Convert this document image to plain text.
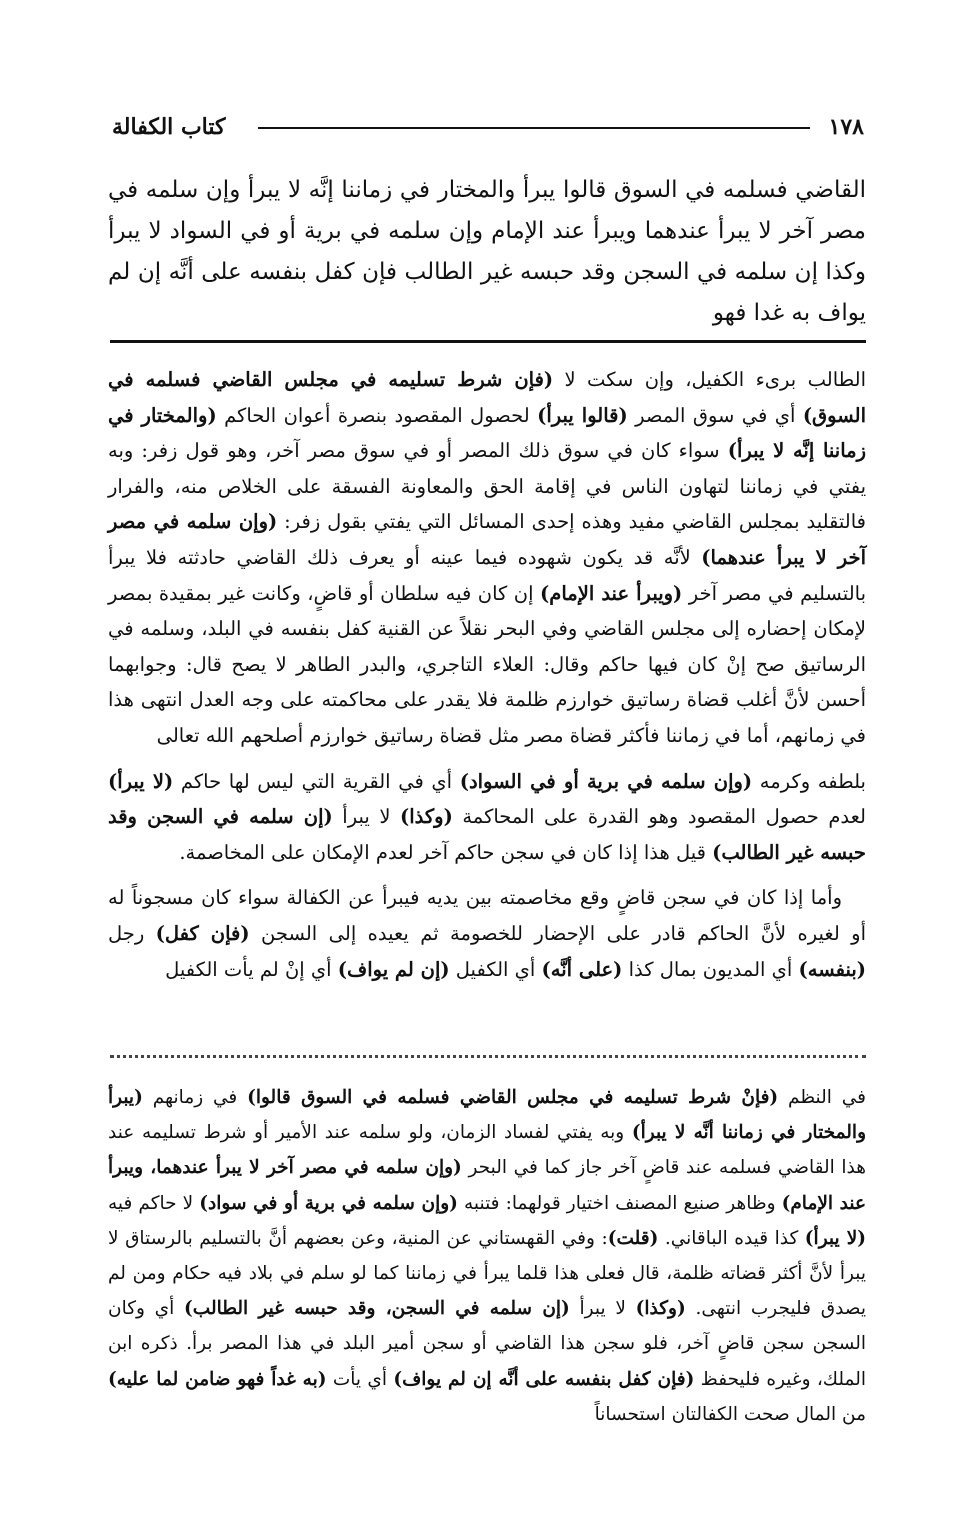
١٧٨
كتاب الكفالة

القاضي فسلمه في السوق قالوا يبرأ والمختار في زماننا إنَّه لا يبرأ وإن سلمه في مصر آخر لا يبرأ عندهما ويبرأ عند الإمام وإن سلمه في برية أو في السواد لا يبرأ وكذا إن سلمه في السجن وقد حبسه غير الطالب فإن كفل بنفسه على أنَّه إن لم يواف به غدا فهو

الطالب برىء الكفيل، وإن سكت لا (فإن شرط تسليمه في مجلس القاضي فسلمه في السوق) أي في سوق المصر (قالوا يبرأ) لحصول المقصود بنصرة أعوان الحاكم (والمختار في زماننا إنَّه لا يبرأ) سواء كان في سوق ذلك المصر أو في سوق مصر آخر، وهو قول زفر: وبه يفتي في زماننا لتهاون الناس في إقامة الحق والمعاونة الفسقة على الخلاص منه، والفرار فالتقليد بمجلس القاضي مفيد وهذه إحدى المسائل التي يفتي بقول زفر: (وإن سلمه في مصر آخر لا يبرأ عندهما) لأنَّه قد يكون شهوده فيما عينه أو يعرف ذلك القاضي حادثته فلا يبرأ بالتسليم في مصر آخر (ويبرأ عند الإمام) إن كان فيه سلطان أو قاضٍ، وكانت غير بمقيدة بمصر لإمكان إحضاره إلى مجلس القاضي وفي البحر نقلاً عن القنية كفل بنفسه في البلد، وسلمه في الرساتيق صح إنْ كان فيها حاكم وقال: العلاء التاجري، والبدر الطاهر لا يصح قال: وجوابهما أحسن لأنَّ أغلب قضاة رساتيق خوارزم ظلمة فلا يقدر على محاكمته على وجه العدل انتهى هذا في زمانهم، أما في زماننا فأكثر قضاة مصر مثل قضاة رساتيق خوارزم أصلحهم الله تعالى

بلطفه وكرمه (وإن سلمه في برية أو في السواد) أي في القرية التي ليس لها حاكم (لا يبرأ) لعدم حصول المقصود وهو القدرة على المحاكمة (وكذا) لا يبرأ (إن سلمه في السجن وقد حبسه غير الطالب) قيل هذا إذا كان في سجن حاكم آخر لعدم الإمكان على المخاصمة.

وأما إذا كان في سجن قاضٍ وقع مخاصمته بين يديه فيبرأ عن الكفالة سواء كان مسجوناً له أو لغيره لأنَّ الحاكم قادر على الإحضار للخصومة ثم يعيده إلى السجن (فإن كفل) رجل (بنفسه) أي المديون بمال كذا (على أنَّه) أي الكفيل (إن لم يواف) أي إنْ لم يأت الكفيل

في النظم (فإنْ شرط تسليمه في مجلس القاضي فسلمه في السوق قالوا) في زمانهم (يبرأ والمختار في زماننا أنَّه لا يبرأ) وبه يفتي لفساد الزمان، ولو سلمه عند الأمير أو شرط تسليمه عند هذا القاضي فسلمه عند قاضٍ آخر جاز كما في البحر (وإن سلمه في مصر آخر لا يبرأ عندهما، ويبرأ عند الإمام) وظاهر صنيع المصنف اختيار قولهما: فتنبه (وإن سلمه في برية أو في سواد) لا حاكم فيه (لا يبرأ) كذا قيده الباقاني. (قلت): وفي القهستاني عن المنية، وعن بعضهم أنَّ بالتسليم بالرستاق لا يبرأ لأنَّ أكثر قضاته ظلمة، قال فعلى هذا قلما يبرأ في زماننا كما لو سلم في بلاد فيه حكام ومن لم يصدق فليجرب انتهى. (وكذا) لا يبرأ (إن سلمه في السجن، وقد حبسه غير الطالب) أي وكان السجن سجن قاضٍ آخر، فلو سجن هذا القاضي أو سجن أمير البلد في هذا المصر برأ. ذكره ابن الملك، وغيره فليحفظ (فإن كفل بنفسه على أنَّه إن لم يواف) أي يأت (به غداً فهو ضامن لما عليه) من المال صحت الكفالتان استحساناً
